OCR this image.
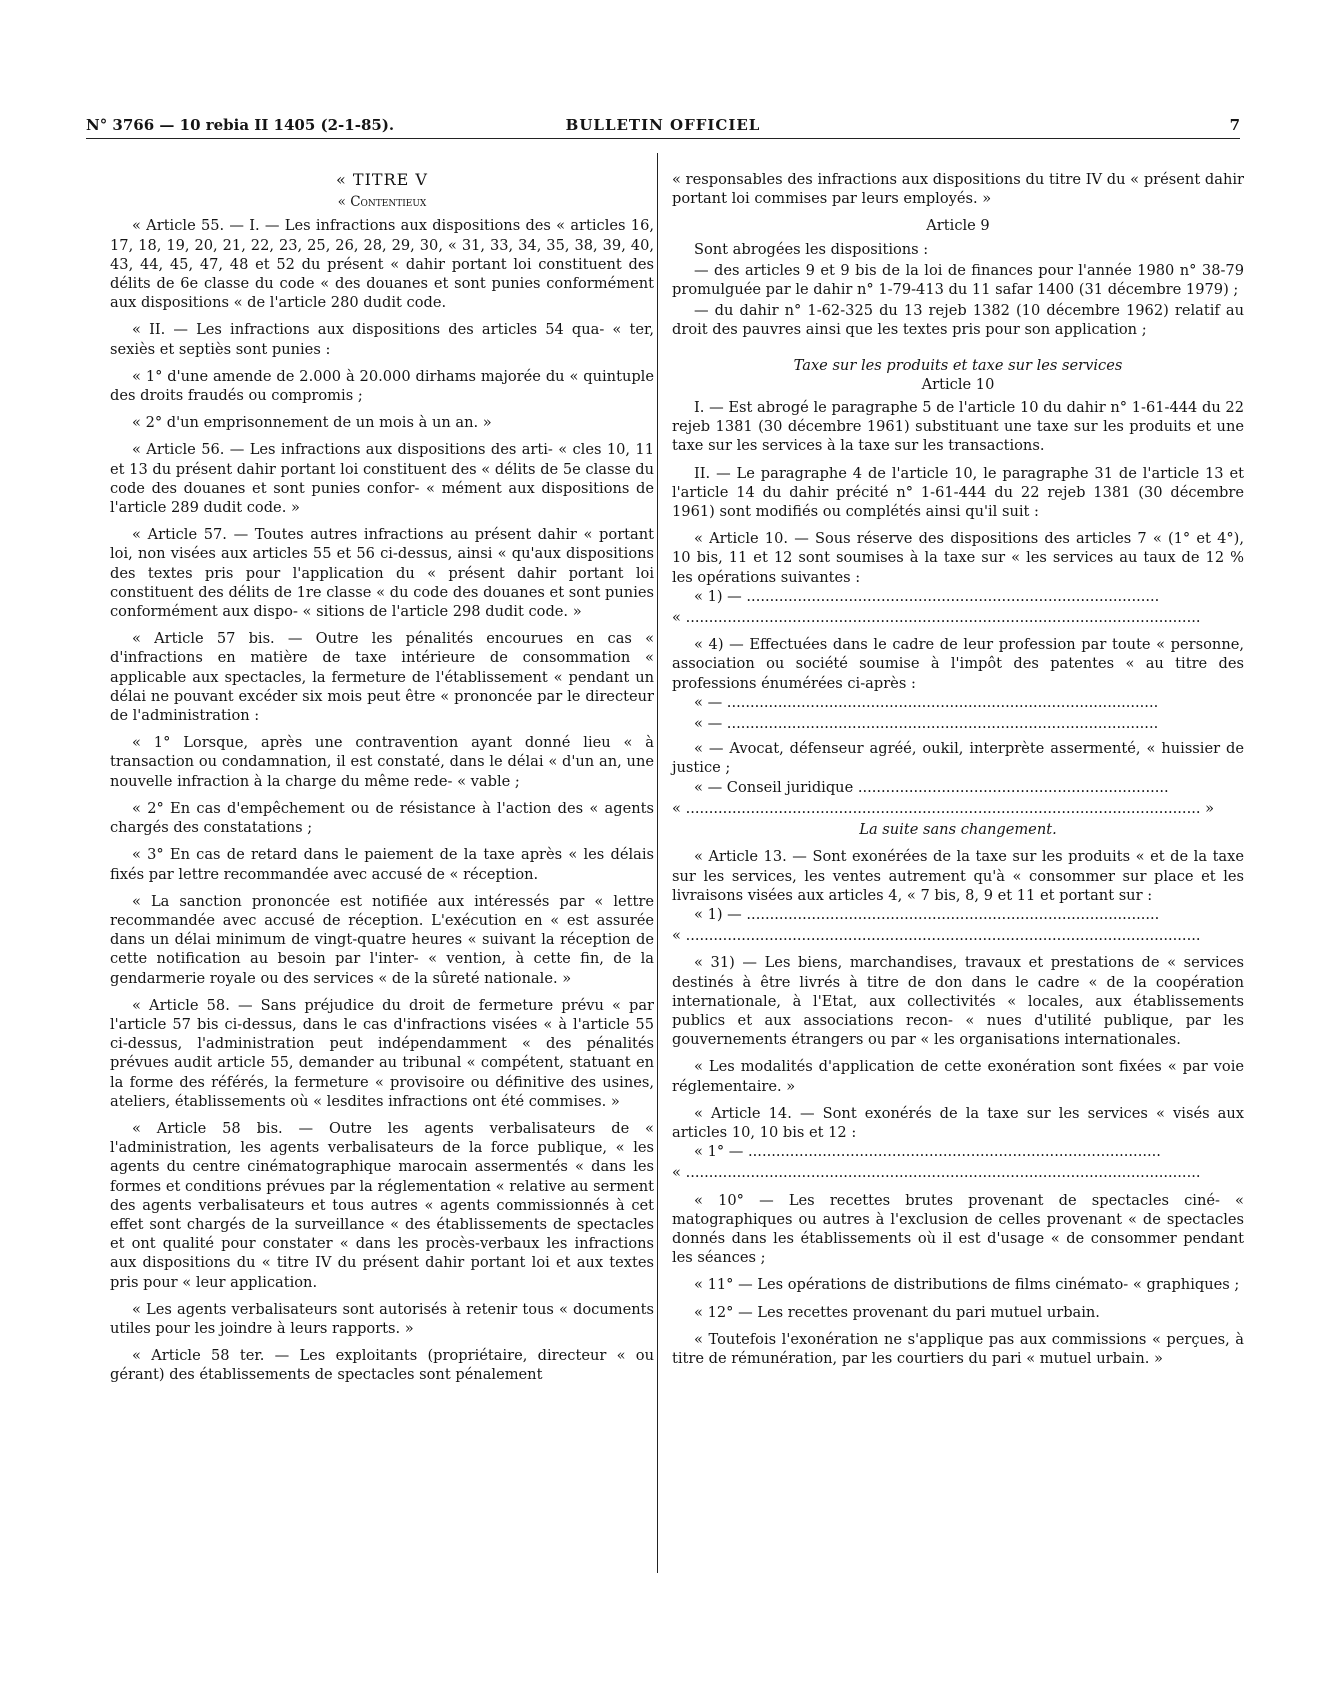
N° 3766 — 10 rebia II 1405 (2-1-85).	BULLETIN OFFICIEL	7

« TITRE V

« Contentieux

« Article 55. — I. — Les infractions aux dispositions des « articles 16, 17, 18, 19, 20, 21, 22, 23, 25, 26, 28, 29, 30, « 31, 33, 34, 35, 38, 39, 40, 43, 44, 45, 47, 48 et 52 du présent « dahir portant loi constituent des délits de 6e classe du code « des douanes et sont punies conformément aux dispositions « de l'article 280 dudit code.

« II. — Les infractions aux dispositions des articles 54 qua- « ter, sexiès et septiès sont punies :

« 1° d'une amende de 2.000 à 20.000 dirhams majorée du « quintuple des droits fraudés ou compromis ;

« 2° d'un emprisonnement de un mois à un an. »

« Article 56. — Les infractions aux dispositions des arti- « cles 10, 11 et 13 du présent dahir portant loi constituent des « délits de 5e classe du code des douanes et sont punies confor- « mément aux dispositions de l'article 289 dudit code. »

« Article 57. — Toutes autres infractions au présent dahir « portant loi, non visées aux articles 55 et 56 ci-dessus, ainsi « qu'aux dispositions des textes pris pour l'application du « présent dahir portant loi constituent des délits de 1re classe « du code des douanes et sont punies conformément aux dispo- « sitions de l'article 298 dudit code. »

« Article 57 bis. — Outre les pénalités encourues en cas « d'infractions en matière de taxe intérieure de consommation « applicable aux spectacles, la fermeture de l'établissement « pendant un délai ne pouvant excéder six mois peut être « prononcée par le directeur de l'administration :

« 1° Lorsque, après une contravention ayant donné lieu « à transaction ou condamnation, il est constaté, dans le délai « d'un an, une nouvelle infraction à la charge du même rede- « vable ;

« 2° En cas d'empêchement ou de résistance à l'action des « agents chargés des constatations ;

« 3° En cas de retard dans le paiement de la taxe après « les délais fixés par lettre recommandée avec accusé de « réception.

« La sanction prononcée est notifiée aux intéressés par « lettre recommandée avec accusé de réception. L'exécution en « est assurée dans un délai minimum de vingt-quatre heures « suivant la réception de cette notification au besoin par l'inter- « vention, à cette fin, de la gendarmerie royale ou des services « de la sûreté nationale. »

« Article 58. — Sans préjudice du droit de fermeture prévu « par l'article 57 bis ci-dessus, dans le cas d'infractions visées « à l'article 55 ci-dessus, l'administration peut indépendamment « des pénalités prévues audit article 55, demander au tribunal « compétent, statuant en la forme des référés, la fermeture « provisoire ou définitive des usines, ateliers, établissements où « lesdites infractions ont été commises. »

« Article 58 bis. — Outre les agents verbalisateurs de « l'administration, les agents verbalisateurs de la force publique, « les agents du centre cinématographique marocain assermentés « dans les formes et conditions prévues par la réglementation « relative au serment des agents verbalisateurs et tous autres « agents commissionnés à cet effet sont chargés de la surveillance « des établissements de spectacles et ont qualité pour constater « dans les procès-verbaux les infractions aux dispositions du « titre IV du présent dahir portant loi et aux textes pris pour « leur application.

« Les agents verbalisateurs sont autorisés à retenir tous « documents utiles pour les joindre à leurs rapports. »

« Article 58 ter. — Les exploitants (propriétaire, directeur « ou gérant) des établissements de spectacles sont pénalement

« responsables des infractions aux dispositions du titre IV du « présent dahir portant loi commises par leurs employés. »

Article 9

Sont abrogées les dispositions :

— des articles 9 et 9 bis de la loi de finances pour l'année 1980 n° 38-79 promulguée par le dahir n° 1-79-413 du 11 safar 1400 (31 décembre 1979) ;

— du dahir n° 1-62-325 du 13 rejeb 1382 (10 décembre 1962) relatif au droit des pauvres ainsi que les textes pris pour son application ;

Taxe sur les produits et taxe sur les services

Article 10

I. — Est abrogé le paragraphe 5 de l'article 10 du dahir n° 1-61-444 du 22 rejeb 1381 (30 décembre 1961) substituant une taxe sur les produits et une taxe sur les services à la taxe sur les transactions.

II. — Le paragraphe 4 de l'article 10, le paragraphe 31 de l'article 13 et l'article 14 du dahir précité n° 1-61-444 du 22 rejeb 1381 (30 décembre 1961) sont modifiés ou complétés ainsi qu'il suit :

« Article 10. — Sous réserve des dispositions des articles 7 « (1° et 4°), 10 bis, 11 et 12 sont soumises à la taxe sur « les services au taux de 12 % les opérations suivantes :

« 1) — .........................................................................................

« ...............................................................................................................

« 4) — Effectuées dans le cadre de leur profession par toute « personne, association ou société soumise à l'impôt des patentes « au titre des professions énumérées ci-après :

« — .............................................................................................

« — .............................................................................................

« — Avocat, défenseur agréé, oukil, interprète assermenté, « huissier de justice ;

« — Conseil juridique ...................................................................

« ............................................................................................................... »

La suite sans changement.

« Article 13. — Sont exonérées de la taxe sur les produits « et de la taxe sur les services, les ventes autrement qu'à « consommer sur place et les livraisons visées aux articles 4, « 7 bis, 8, 9 et 11 et portant sur :

« 1) — .........................................................................................

« ...............................................................................................................

« 31) — Les biens, marchandises, travaux et prestations de « services destinés à être livrés à titre de don dans le cadre « de la coopération internationale, à l'Etat, aux collectivités « locales, aux établissements publics et aux associations recon- « nues d'utilité publique, par les gouvernements étrangers ou par « les organisations internationales.

« Les modalités d'application de cette exonération sont fixées « par voie réglementaire. »

« Article 14. — Sont exonérés de la taxe sur les services « visés aux articles 10, 10 bis et 12 :

« 1° — .........................................................................................

« ...............................................................................................................

« 10° — Les recettes brutes provenant de spectacles ciné- « matographiques ou autres à l'exclusion de celles provenant « de spectacles donnés dans les établissements où il est d'usage « de consommer pendant les séances ;

« 11° — Les opérations de distributions de films cinémato- « graphiques ;

« 12° — Les recettes provenant du pari mutuel urbain.

« Toutefois l'exonération ne s'applique pas aux commissions « perçues, à titre de rémunération, par les courtiers du pari « mutuel urbain. »
